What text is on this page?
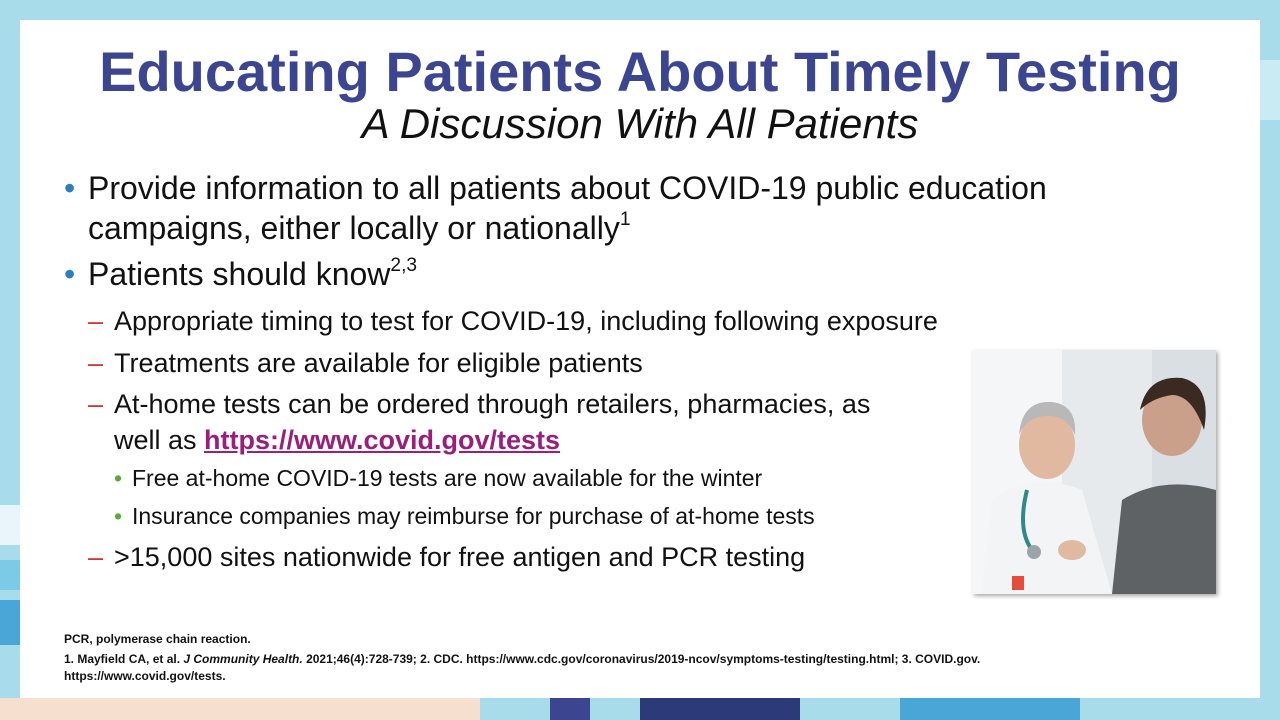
Educating Patients About Timely Testing
A Discussion With All Patients
• Provide information to all patients about COVID-19 public education campaigns, either locally or nationally$^1$
• Patients should know$^{2,3}$
– Appropriate timing to test for COVID-19, including following exposure
– Treatments are available for eligible patients
– At-home tests can be ordered through retailers, pharmacies, as well as https://www.covid.gov/tests
• Free at-home COVID-19 tests are now available for the winter
• Insurance companies may reimburse for purchase of at-home tests
– >15,000 sites nationwide for free antigen and PCR testing
PCR, polymerase chain reaction.
1. Mayfield CA, et al. J Community Health. 2021;46(4):728-739; 2. CDC. https://www.cdc.gov/coronavirus/2019-ncov/symptoms-testing/testing.html; 3. COVID.gov.
https://www.covid.gov/tests.
